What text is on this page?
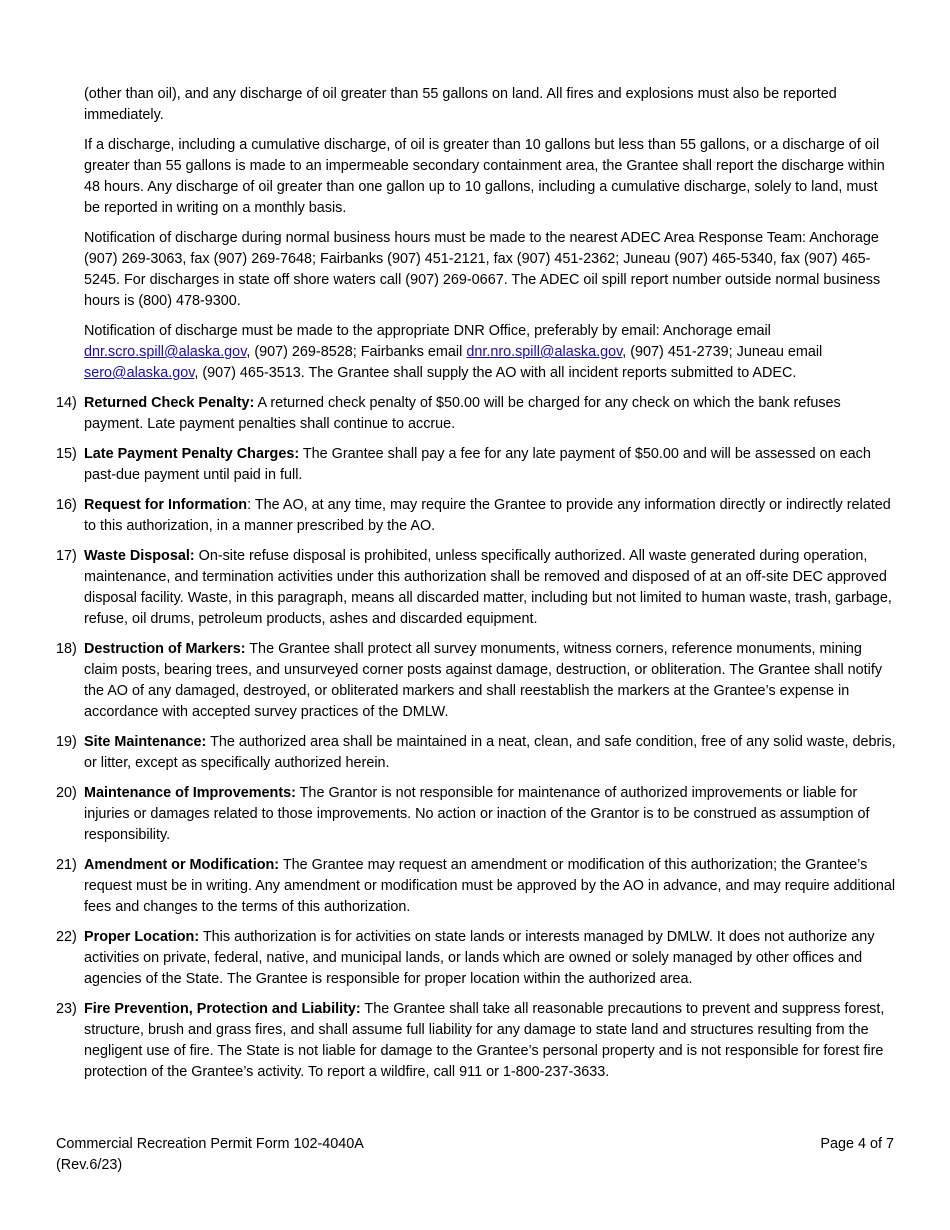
(other than oil), and any discharge of oil greater than 55 gallons on land. All fires and explosions must also be reported immediately.

If a discharge, including a cumulative discharge, of oil is greater than 10 gallons but less than 55 gallons, or a discharge of oil greater than 55 gallons is made to an impermeable secondary containment area, the Grantee shall report the discharge within 48 hours. Any discharge of oil greater than one gallon up to 10 gallons, including a cumulative discharge, solely to land, must be reported in writing on a monthly basis.

Notification of discharge during normal business hours must be made to the nearest ADEC Area Response Team: Anchorage (907) 269-3063, fax (907) 269-7648; Fairbanks (907) 451-2121, fax (907) 451-2362; Juneau (907) 465-5340, fax (907) 465-5245. For discharges in state off shore waters call (907) 269-0667. The ADEC oil spill report number outside normal business hours is (800) 478-9300.

Notification of discharge must be made to the appropriate DNR Office, preferably by email: Anchorage email dnr.scro.spill@alaska.gov, (907) 269-8528; Fairbanks email dnr.nro.spill@alaska.gov, (907) 451-2739; Juneau email sero@alaska.gov, (907) 465-3513. The Grantee shall supply the AO with all incident reports submitted to ADEC.

14) Returned Check Penalty: A returned check penalty of $50.00 will be charged for any check on which the bank refuses payment. Late payment penalties shall continue to accrue.
15) Late Payment Penalty Charges: The Grantee shall pay a fee for any late payment of $50.00 and will be assessed on each past-due payment until paid in full.
16) Request for Information: The AO, at any time, may require the Grantee to provide any information directly or indirectly related to this authorization, in a manner prescribed by the AO.
17) Waste Disposal: On-site refuse disposal is prohibited, unless specifically authorized. All waste generated during operation, maintenance, and termination activities under this authorization shall be removed and disposed of at an off-site DEC approved disposal facility. Waste, in this paragraph, means all discarded matter, including but not limited to human waste, trash, garbage, refuse, oil drums, petroleum products, ashes and discarded equipment.
18) Destruction of Markers: The Grantee shall protect all survey monuments, witness corners, reference monuments, mining claim posts, bearing trees, and unsurveyed corner posts against damage, destruction, or obliteration. The Grantee shall notify the AO of any damaged, destroyed, or obliterated markers and shall reestablish the markers at the Grantee’s expense in accordance with accepted survey practices of the DMLW.
19) Site Maintenance: The authorized area shall be maintained in a neat, clean, and safe condition, free of any solid waste, debris, or litter, except as specifically authorized herein.
20) Maintenance of Improvements: The Grantor is not responsible for maintenance of authorized improvements or liable for injuries or damages related to those improvements. No action or inaction of the Grantor is to be construed as assumption of responsibility.
21) Amendment or Modification: The Grantee may request an amendment or modification of this authorization; the Grantee’s request must be in writing. Any amendment or modification must be approved by the AO in advance, and may require additional fees and changes to the terms of this authorization.
22) Proper Location: This authorization is for activities on state lands or interests managed by DMLW. It does not authorize any activities on private, federal, native, and municipal lands, or lands which are owned or solely managed by other offices and agencies of the State. The Grantee is responsible for proper location within the authorized area.
23) Fire Prevention, Protection and Liability: The Grantee shall take all reasonable precautions to prevent and suppress forest, structure, brush and grass fires, and shall assume full liability for any damage to state land and structures resulting from the negligent use of fire. The State is not liable for damage to the Grantee’s personal property and is not responsible for forest fire protection of the Grantee’s activity. To report a wildfire, call 911 or 1-800-237-3633.
Commercial Recreation Permit Form 102-4040A
(Rev.6/23)
Page 4 of 7
